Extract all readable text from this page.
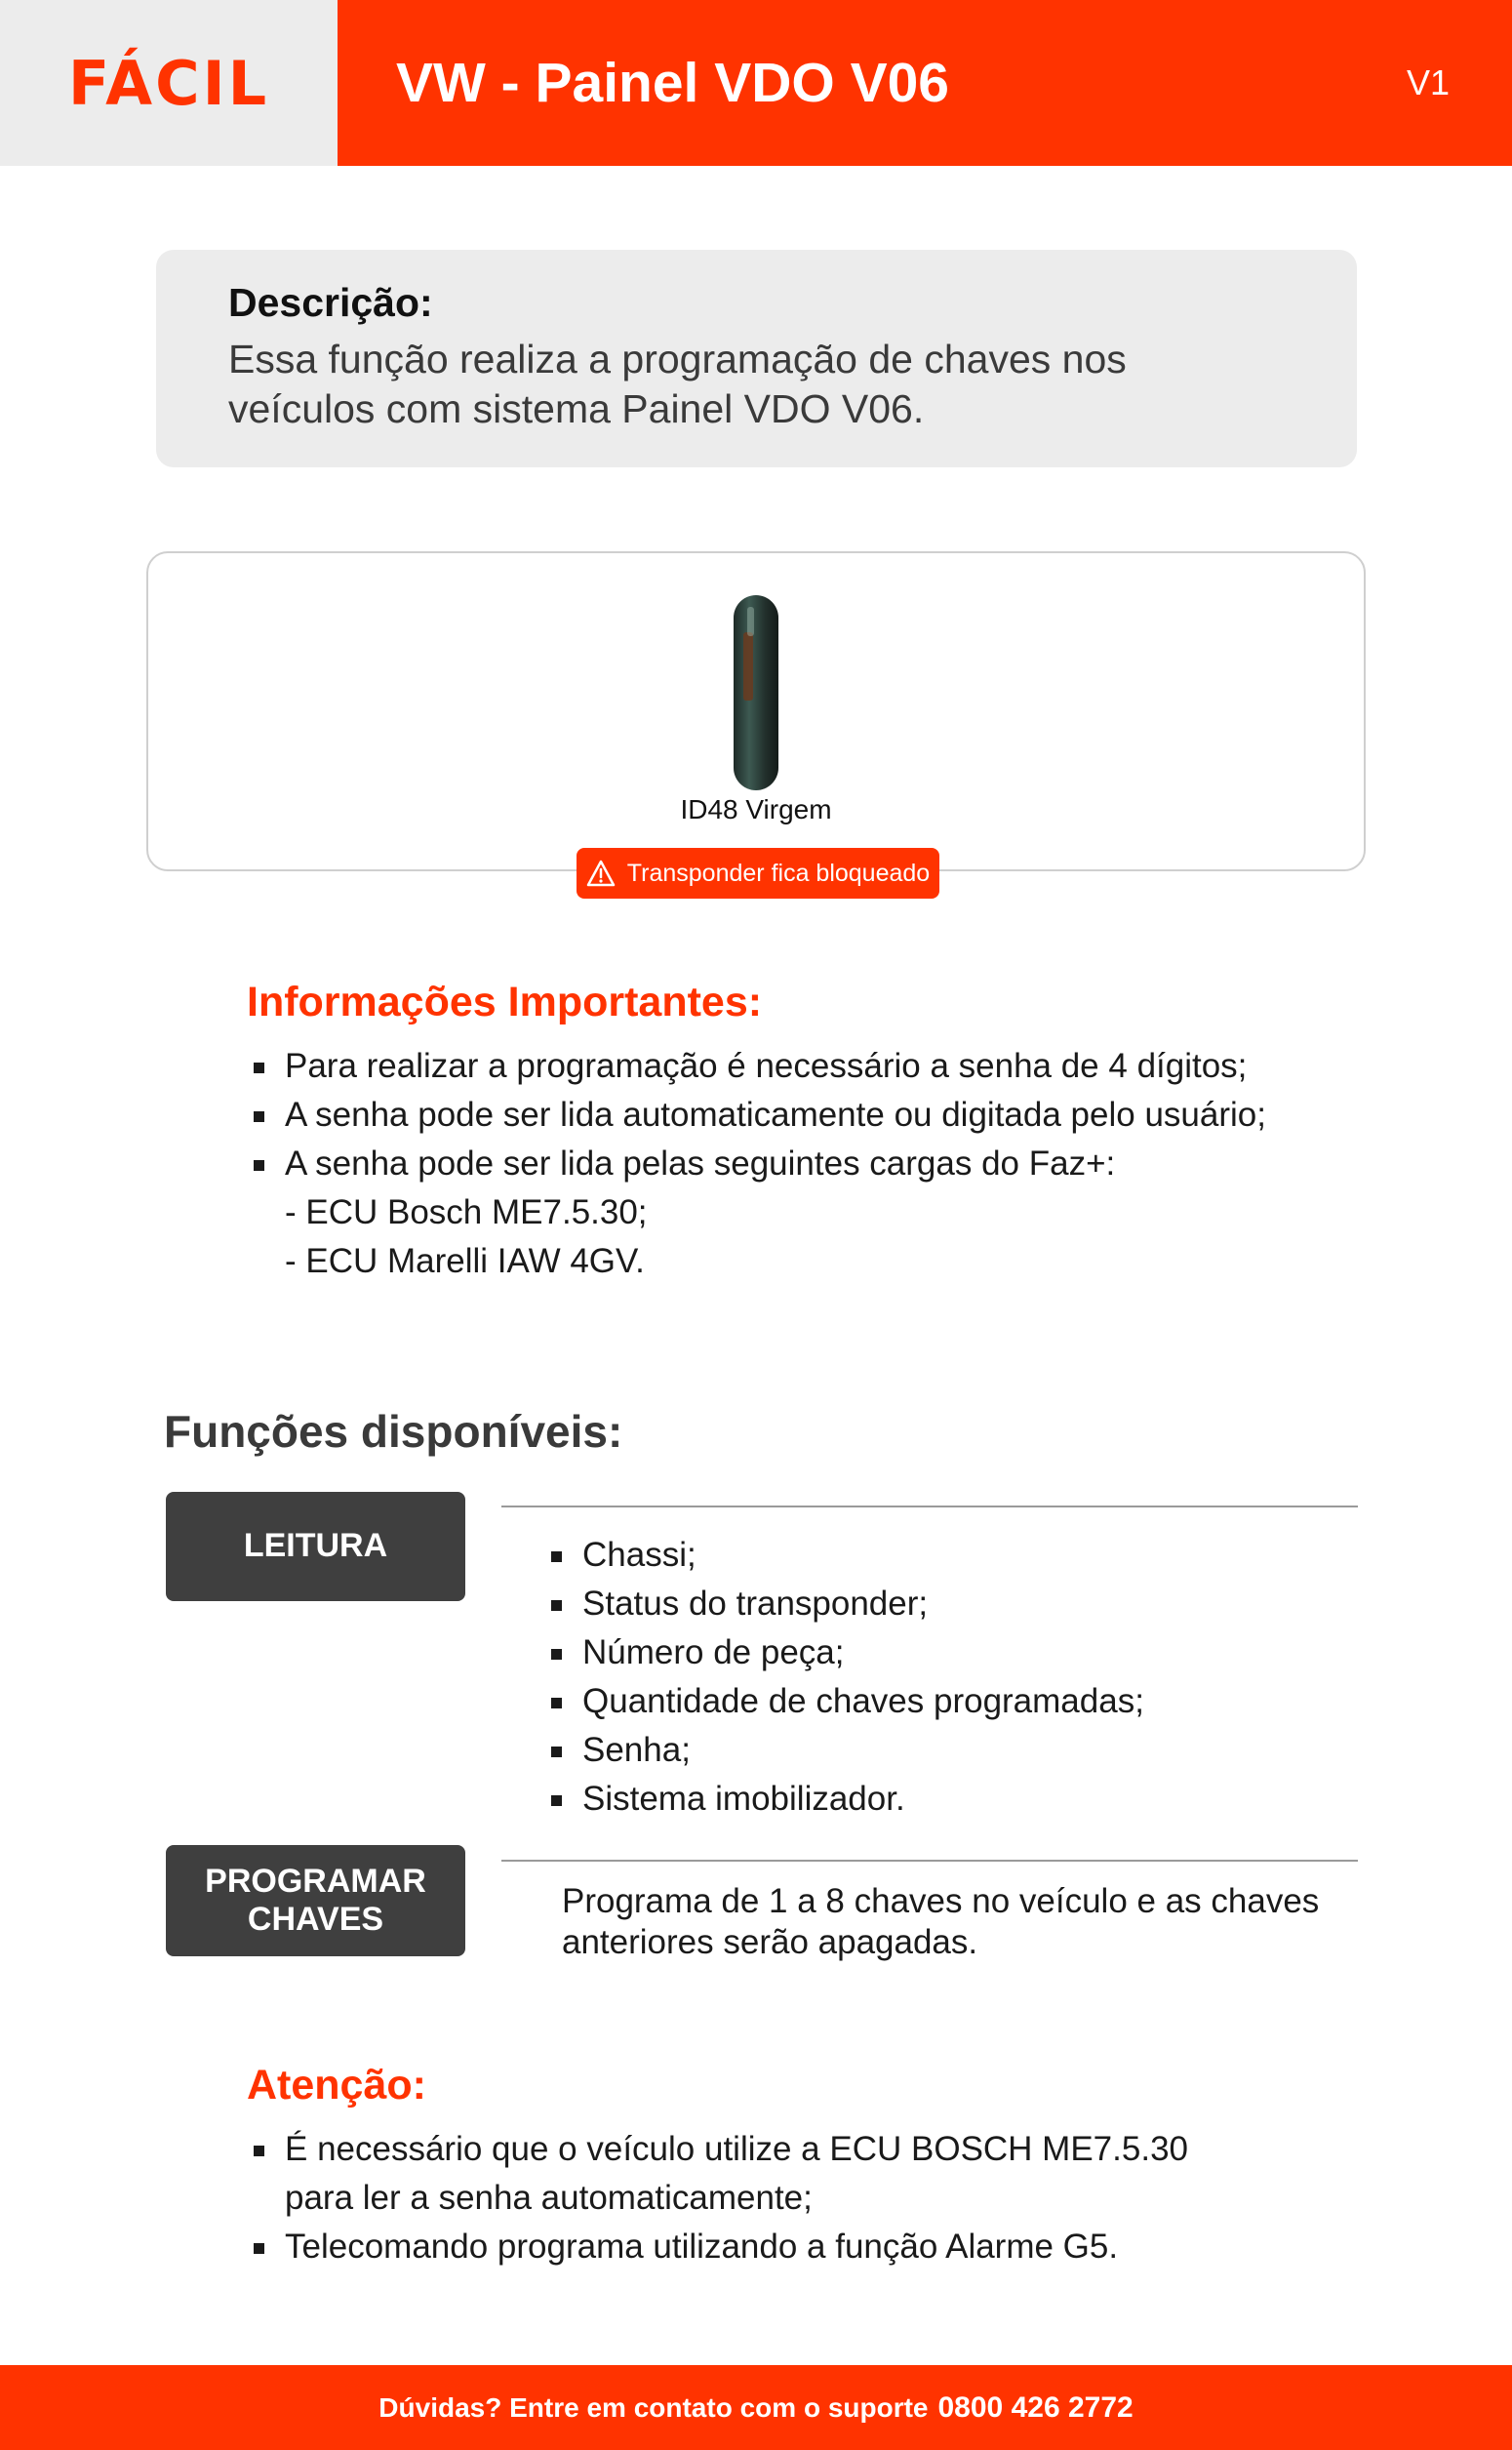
FÁCIL VW - Painel VDO V06	V1
Descrição:
Essa função realiza a programação de chaves nos veículos com sistema Painel VDO V06.
ID48 Virgem
Transponder fica bloqueado
Informações Importantes:
Para realizar a programação é necessário a senha de 4 dígitos;
A senha pode ser lida automaticamente ou digitada pelo usuário;
A senha pode ser lida pelas seguintes cargas do Faz+:
- ECU Bosch ME7.5.30;
- ECU Marelli IAW 4GV.
Funções disponíveis:
LEITURA	Chassi;
Status do transponder;
Número de peça;
Quantidade de chaves programadas;
Senha;
Sistema imobilizador.
PROGRAMAR
CHAVES	Programa de 1 a 8 chaves no veículo e as chaves anteriores serão apagadas.
Atenção:
É necessário que o veículo utilize a ECU BOSCH ME7.5.30 para ler a senha automaticamente;
Telecomando programa utilizando a função Alarme G5.
Dúvidas? Entre em contato com o suporte 0800 426 2772
